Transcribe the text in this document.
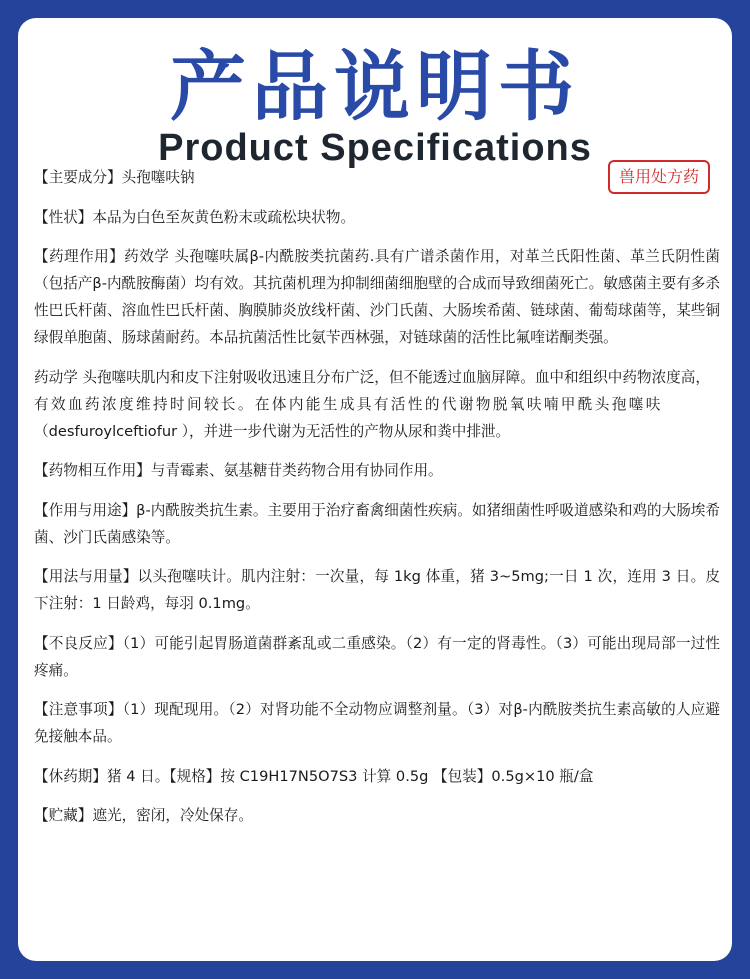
产品说明书
Product Specifications
兽用处方药

【主要成分】头孢噻呋钠

【性状】本品为白色至灰黄色粉末或疏松块状物。

【药理作用】药效学 头孢噻呋属β-内酰胺类抗菌药.具有广谱杀菌作用，对革兰氏阳性菌、革兰氏阴性菌（包括产β-内酰胺酶菌）均有效。其抗菌机理为抑制细菌细胞壁的合成而导致细菌死亡。敏感菌主要有多杀性巴氏杆菌、溶血性巴氏杆菌、胸膜肺炎放线杆菌、沙门氏菌、大肠埃希菌、链球菌、葡萄球菌等，某些铜绿假单胞菌、肠球菌耐药。本品抗菌活性比氨苄西林强，对链球菌的活性比氟喹诺酮类强。

药动学 头孢噻呋肌内和皮下注射吸收迅速且分布广泛，但不能透过血脑屏障。血中和组织中药物浓度高，
有效血药浓度维持时间较长。在体内能生成具有活性的代谢物脱氧呋喃甲酰头孢噻呋
（desfuroylceftiofur ），并进一步代谢为无活性的产物从尿和粪中排泄。

【药物相互作用】与青霉素、氨基糖苷类药物合用有协同作用。

【作用与用途】β-内酰胺类抗生素。主要用于治疗畜禽细菌性疾病。如猪细菌性呼吸道感染和鸡的大肠埃希菌、沙门氏菌感染等。

【用法与用量】以头孢噻呋计。肌内注射：一次量，每 1kg 体重，猪 3~5mg;一日 1 次，连用 3 日。皮下注射：1 日龄鸡，每羽 0.1mg。

【不良反应】（1）可能引起胃肠道菌群紊乱或二重感染。（2）有一定的肾毒性。（3）可能出现局部一过性疼痛。

【注意事项】（1）现配现用。（2）对肾功能不全动物应调整剂量。（3）对β-内酰胺类抗生素高敏的人应避免接触本品。

【休药期】猪 4 日。【规格】按 C19H17N5O7S3 计算 0.5g 【包装】0.5g×10 瓶/盒

【贮藏】遮光，密闭，冷处保存。
